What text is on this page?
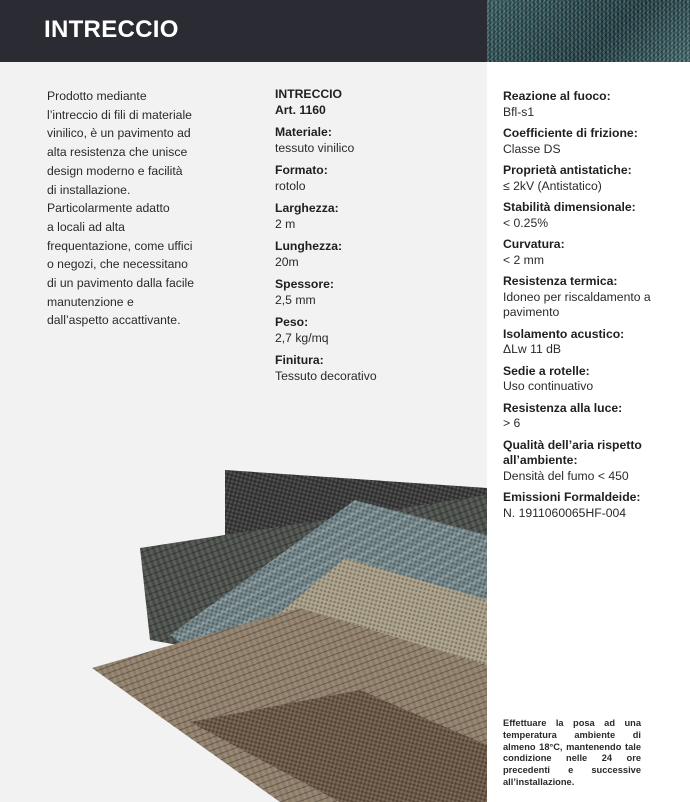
INTRECCIO

Prodotto mediante

l’intreccio di fili di materiale

vinilico, è un pavimento ad

alta resistenza che unisce

design moderno e facilità

di installazione.

Particolarmente adatto

a locali ad alta

frequentazione, come uffici

o negozi, che necessitano

di un pavimento dalla facile

manutenzione e

dall’aspetto accattivante.

INTRECCIO
Art. 1160
Materiale:
tessuto vinilico
Formato:
rotolo
Larghezza:
2 m
Lunghezza:
20m
Spessore:
2,5 mm
Peso:
2,7 kg/mq
Finitura:
Tessuto decorativo
Reazione al fuoco:
Bfl-s1
Coefficiente di frizione:
Classe DS
Proprietà antistatiche:
≤ 2kV (Antistatico)
Stabilità dimensionale:
< 0.25%
Curvatura:
< 2 mm
Resistenza termica:
Idoneo per riscaldamento a pavimento
Isolamento acustico:
ΔLw 11 dB
Sedie a rotelle:
Uso continuativo
Resistenza alla luce:
> 6
Qualità dell’aria rispetto all’ambiente:
Densità del fumo < 450
Emissioni Formaldeide:
N. 1911060065HF-004
Effettuare la posa ad una temperatura ambiente di almeno 18°C, mantenendo tale condizione nelle 24 ore precedenti e successive all’installazione.
